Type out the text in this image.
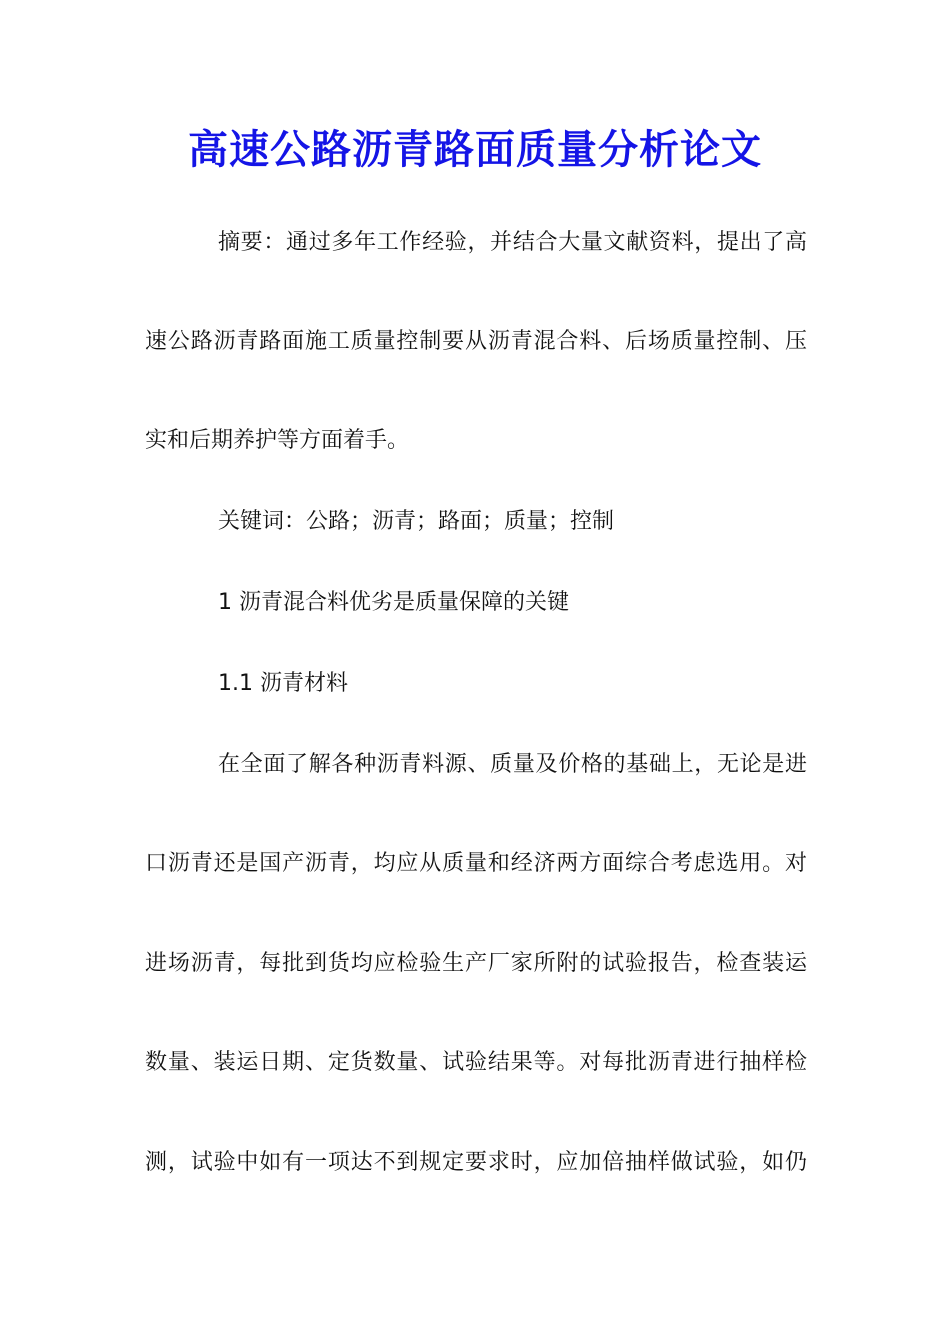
高速公路沥青路面质量分析论文
摘要：通过多年工作经验，并结合大量文献资料，提出了高
速公路沥青路面施工质量控制要从沥青混合料、后场质量控制、压
实和后期养护等方面着手。
关键词：公路；沥青；路面；质量；控制
1 沥青混合料优劣是质量保障的关键
1.1 沥青材料
在全面了解各种沥青料源、质量及价格的基础上，无论是进
口沥青还是国产沥青，均应从质量和经济两方面综合考虑选用。对
进场沥青，每批到货均应检验生产厂家所附的试验报告，检查装运
数量、装运日期、定货数量、试验结果等。对每批沥青进行抽样检
测，试验中如有一项达不到规定要求时，应加倍抽样做试验，如仍
